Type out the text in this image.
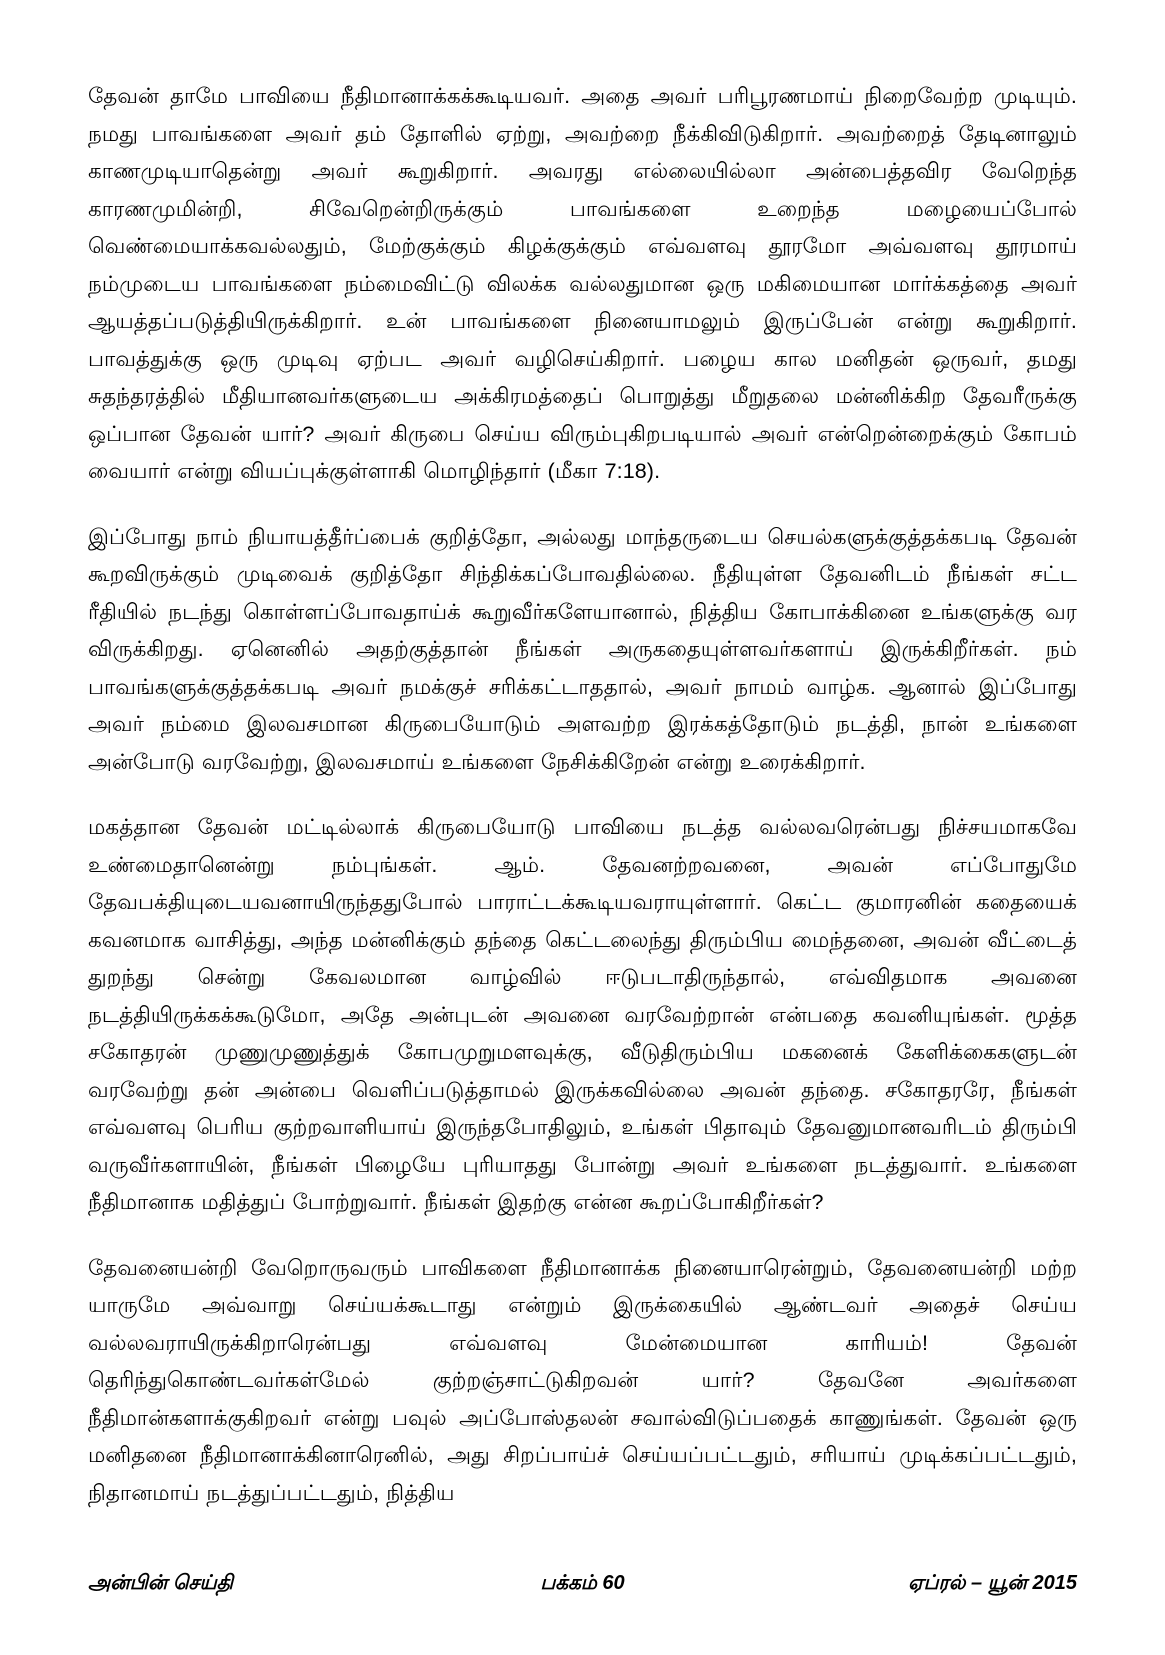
தேவன் தாமே பாவியை நீதிமானாக்கக்கூடியவர். அதை அவர் பரிபூரணமாய் நிறைவேற்ற முடியும். நமது பாவங்களை அவர் தம் தோளில் ஏற்று, அவற்றை நீக்கிவிடுகிறார். அவற்றைத் தேடினாலும் காணமுடியாதென்று அவர் கூறுகிறார். அவரது எல்லையில்லா அன்பைத்தவிர வேறெந்த காரணமுமின்றி, சிவேறென்றிருக்கும் பாவங்களை உறைந்த மழையைப்போல் வெண்மையாக்கவல்லதும், மேற்குக்கும் கிழக்குக்கும் எவ்வளவு தூரமோ அவ்வளவு தூரமாய் நம்முடைய பாவங்களை நம்மைவிட்டு விலக்க வல்லதுமான ஒரு மகிமையான மார்க்கத்தை அவர் ஆயத்தப்படுத்தியிருக்கிறார். உன் பாவங்களை நினையாமலும் இருப்பேன் என்று கூறுகிறார். பாவத்துக்கு ஒரு முடிவு ஏற்பட அவர் வழிசெய்கிறார். பழைய கால மனிதன் ஒருவர், தமது சுதந்தரத்தில் மீதியானவர்களுடைய அக்கிரமத்தைப் பொறுத்து மீறுதலை மன்னிக்கிற தேவரீருக்கு ஒப்பான தேவன் யார்? அவர் கிருபை செய்ய விரும்புகிறபடியால் அவர் என்றென்றைக்கும் கோபம் வையார் என்று வியப்புக்குள்ளாகி மொழிந்தார் (மீகா 7:18).

இப்போது நாம் நியாயத்தீர்ப்பைக் குறித்தோ, அல்லது மாந்தருடைய செயல்களுக்குத்தக்கபடி தேவன் கூறவிருக்கும் முடிவைக் குறித்தோ சிந்திக்கப்போவதில்லை. நீதியுள்ள தேவனிடம் நீங்கள் சட்ட ரீதியில் நடந்து கொள்ளப்போவதாய்க் கூறுவீர்களேயானால், நித்திய கோபாக்கினை உங்களுக்கு வர விருக்கிறது. ஏனெனில் அதற்குத்தான் நீங்கள் அருகதையுள்ளவர்களாய் இருக்கிறீர்கள். நம் பாவங்களுக்குத்தக்கபடி அவர் நமக்குச் சரிக்கட்டாததால், அவர் நாமம் வாழ்க. ஆனால் இப்போது அவர் நம்மை இலவசமான கிருபையோடும் அளவற்ற இரக்கத்தோடும் நடத்தி, நான் உங்களை அன்போடு வரவேற்று, இலவசமாய் உங்களை நேசிக்கிறேன் என்று உரைக்கிறார்.

மகத்தான தேவன் மட்டில்லாக் கிருபையோடு பாவியை நடத்த வல்லவரென்பது நிச்சயமாகவே உண்மைதானென்று நம்புங்கள். ஆம். தேவனற்றவனை, அவன் எப்போதுமே தேவபக்தியுடையவனாயிருந்ததுபோல் பாராட்டக்கூடியவராயுள்ளார். கெட்ட குமாரனின் கதையைக் கவனமாக வாசித்து, அந்த மன்னிக்கும் தந்தை கெட்டலைந்து திரும்பிய மைந்தனை, அவன் வீட்டைத் துறந்து சென்று கேவலமான வாழ்வில் ஈடுபடாதிருந்தால், எவ்விதமாக அவனை நடத்தியிருக்கக்கூடுமோ, அதே அன்புடன் அவனை வரவேற்றான் என்பதை கவனியுங்கள். மூத்த சகோதரன் முணுமுணுத்துக் கோபமுறுமளவுக்கு, வீடுதிரும்பிய மகனைக் கேளிக்கைகளுடன் வரவேற்று தன் அன்பை வெளிப்படுத்தாமல் இருக்கவில்லை அவன் தந்தை. சகோதரரே, நீங்கள் எவ்வளவு பெரிய குற்றவாளியாய் இருந்தபோதிலும், உங்கள் பிதாவும் தேவனுமானவரிடம் திரும்பி வருவீர்களாயின், நீங்கள் பிழையே புரியாதது போன்று அவர் உங்களை நடத்துவார். உங்களை நீதிமானாக மதித்துப் போற்றுவார். நீங்கள் இதற்கு என்ன கூறப்போகிறீர்கள்?

தேவனையன்றி வேறொருவரும் பாவிகளை நீதிமானாக்க நினையாரென்றும், தேவனையன்றி மற்ற யாருமே அவ்வாறு செய்யக்கூடாது என்றும் இருக்கையில் ஆண்டவர் அதைச் செய்ய வல்லவராயிருக்கிறாரென்பது எவ்வளவு மேன்மையான காரியம்! தேவன் தெரிந்துகொண்டவர்கள்மேல் குற்றஞ்சாட்டுகிறவன் யார்? தேவனே அவர்களை நீதிமான்களாக்குகிறவர் என்று பவுல் அப்போஸ்தலன் சவால்விடுப்பதைக் காணுங்கள். தேவன் ஒரு மனிதனை நீதிமானாக்கினாரெனில், அது சிறப்பாய்ச் செய்யப்பட்டதும், சரியாய் முடிக்கப்பட்டதும், நிதானமாய் நடத்துப்பட்டதும், நித்திய

அன்பின் செய்தி	பக்கம் 60	ஏப்ரல் – யூன் 2015
